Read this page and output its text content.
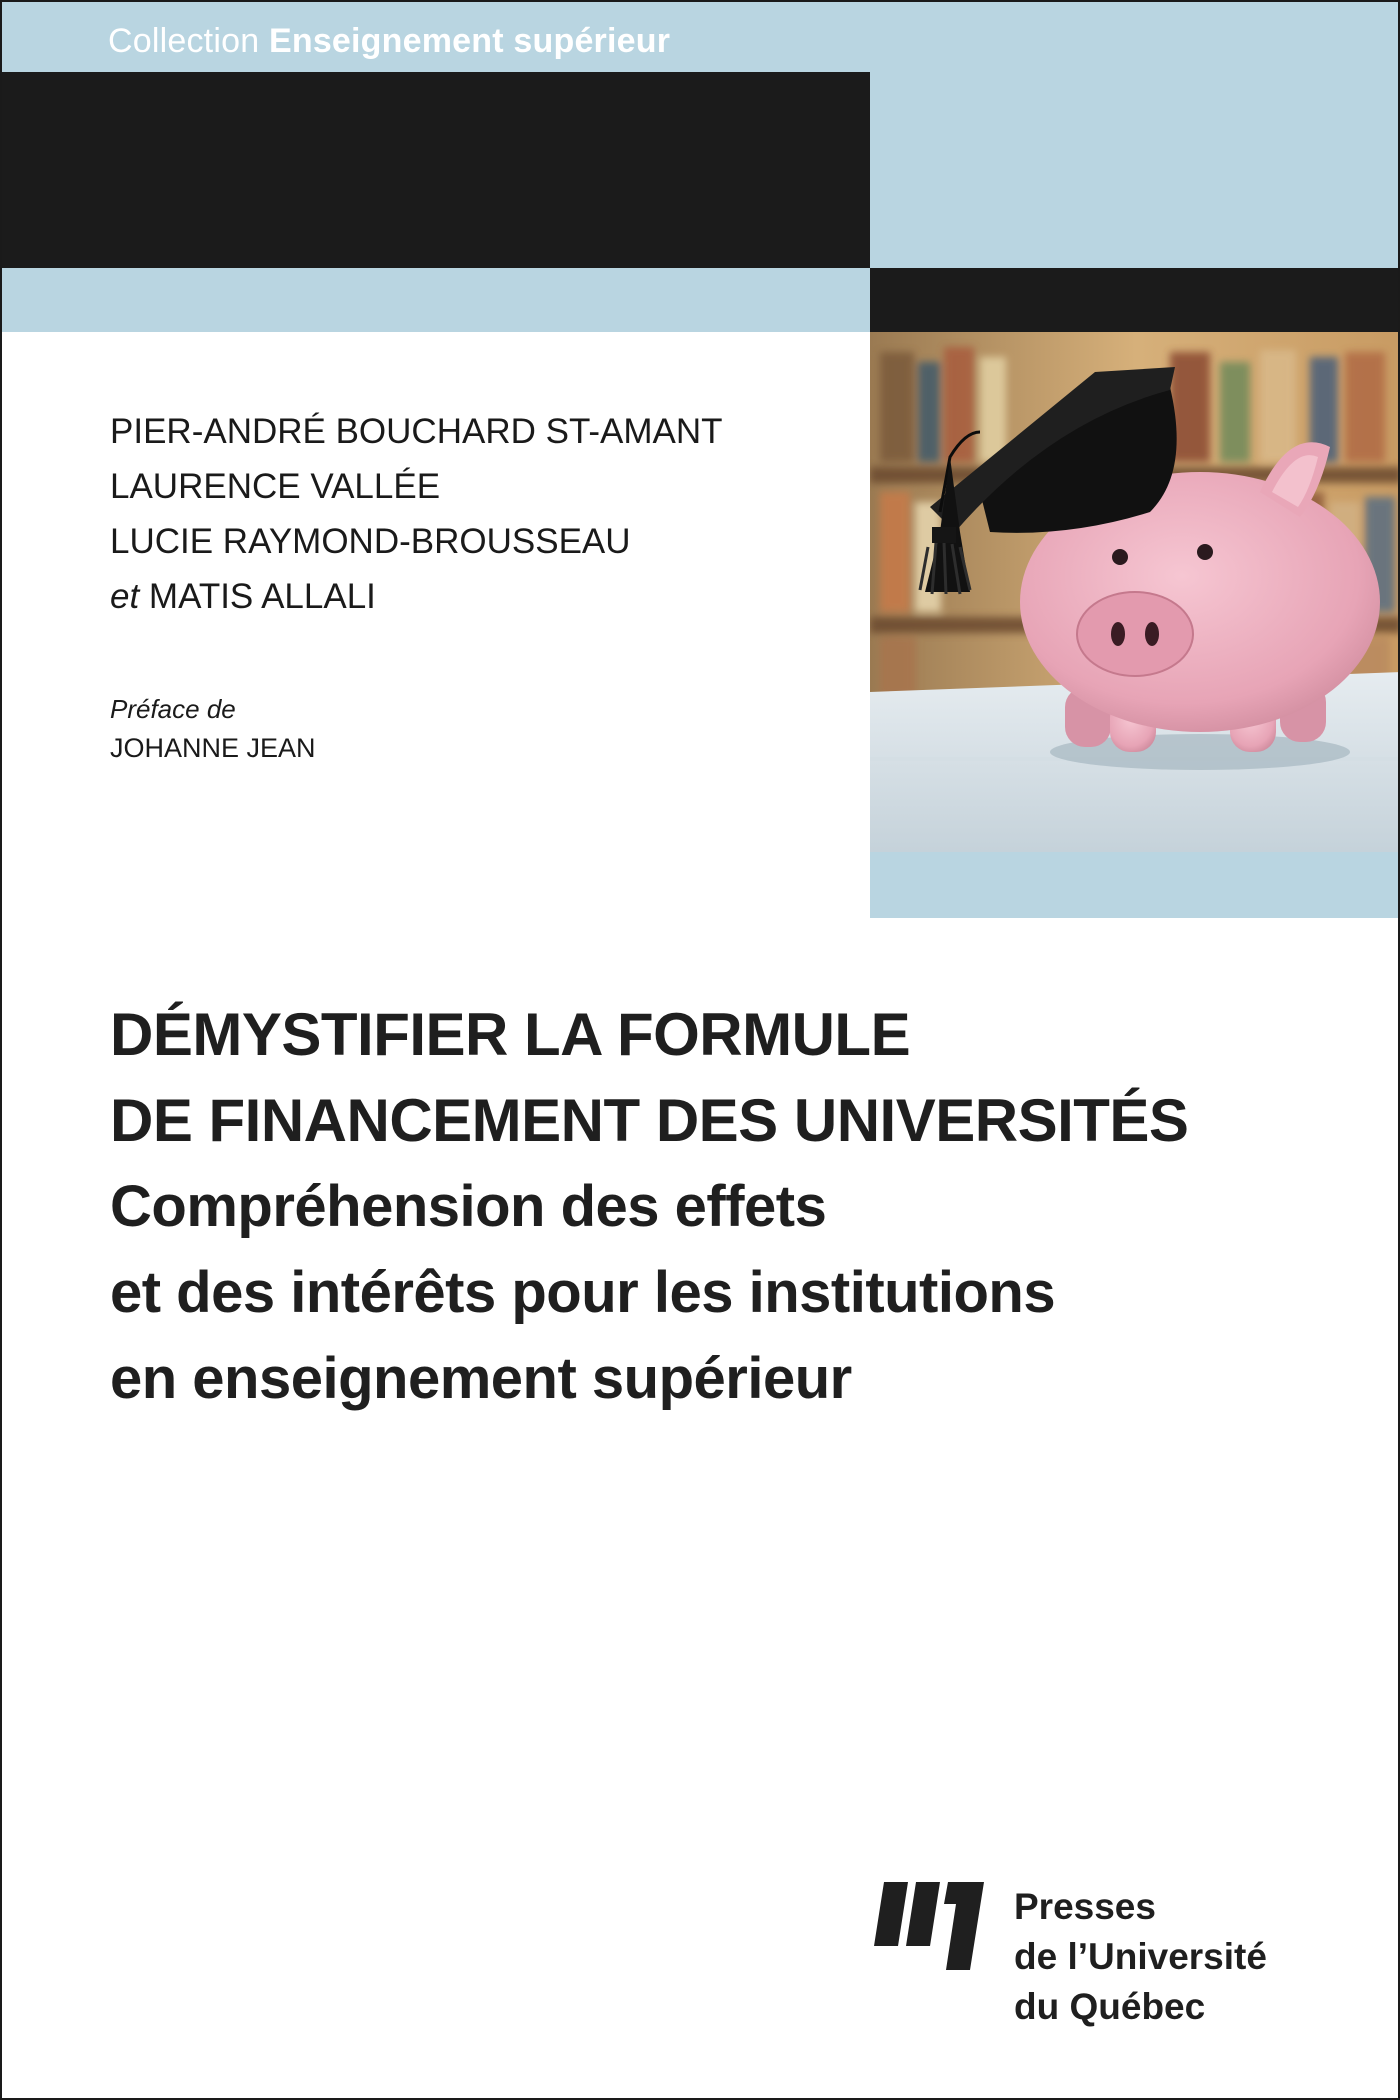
Collection Enseignement supérieur
PIER-ANDRÉ BOUCHARD ST-AMANT
LAURENCE VALLÉE
LUCIE RAYMOND-BROUSSEAU
et MATIS ALLALI
Préface de
JOHANNE JEAN
DÉMYSTIFIER LA FORMULE
DE FINANCEMENT DES UNIVERSITÉS
Compréhension des effets
et des intérêts pour les institutions
en enseignement supérieur
Presses
de l’Université
du Québec
